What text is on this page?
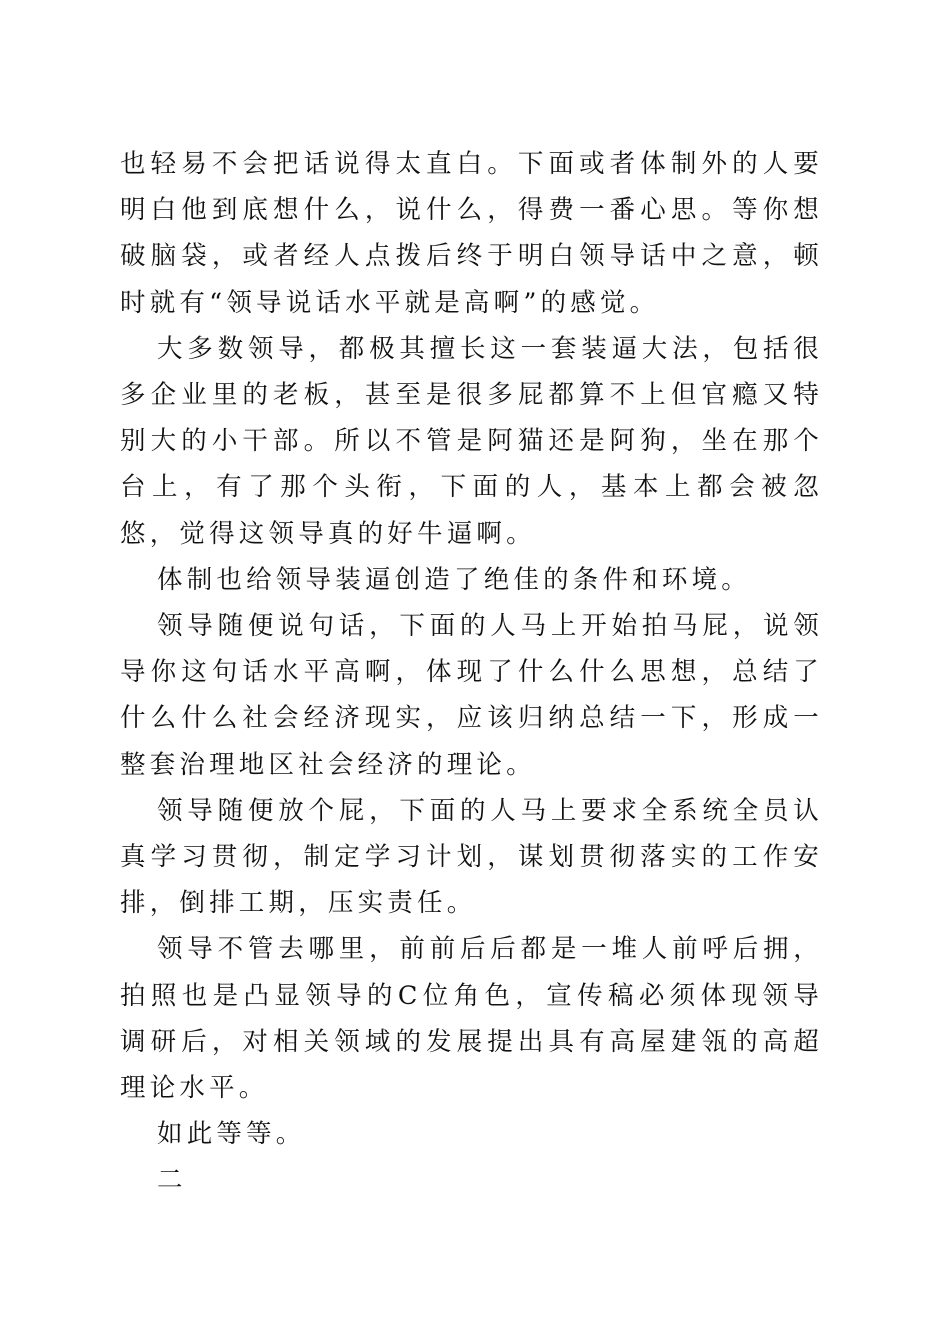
也轻易不会把话说得太直白。下面或者体制外的人要明白他到底想什么，说什么，得费一番心思。等你想破脑袋，或者经人点拨后终于明白领导话中之意，顿时就有“领导说话水平就是高啊”的感觉。

大多数领导，都极其擅长这一套装逼大法，包括很多企业里的老板，甚至是很多屁都算不上但官瘾又特别大的小干部。所以不管是阿猫还是阿狗，坐在那个台上，有了那个头衔，下面的人，基本上都会被忽悠，觉得这领导真的好牛逼啊。

体制也给领导装逼创造了绝佳的条件和环境。

领导随便说句话，下面的人马上开始拍马屁，说领导你这句话水平高啊，体现了什么什么思想，总结了什么什么社会经济现实，应该归纳总结一下，形成一整套治理地区社会经济的理论。

领导随便放个屁，下面的人马上要求全系统全员认真学习贯彻，制定学习计划，谋划贯彻落实的工作安排，倒排工期，压实责任。

领导不管去哪里，前前后后都是一堆人前呼后拥，拍照也是凸显领导的C位角色，宣传稿必须体现领导调研后，对相关领域的发展提出具有高屋建瓴的高超理论水平。

如此等等。

二
